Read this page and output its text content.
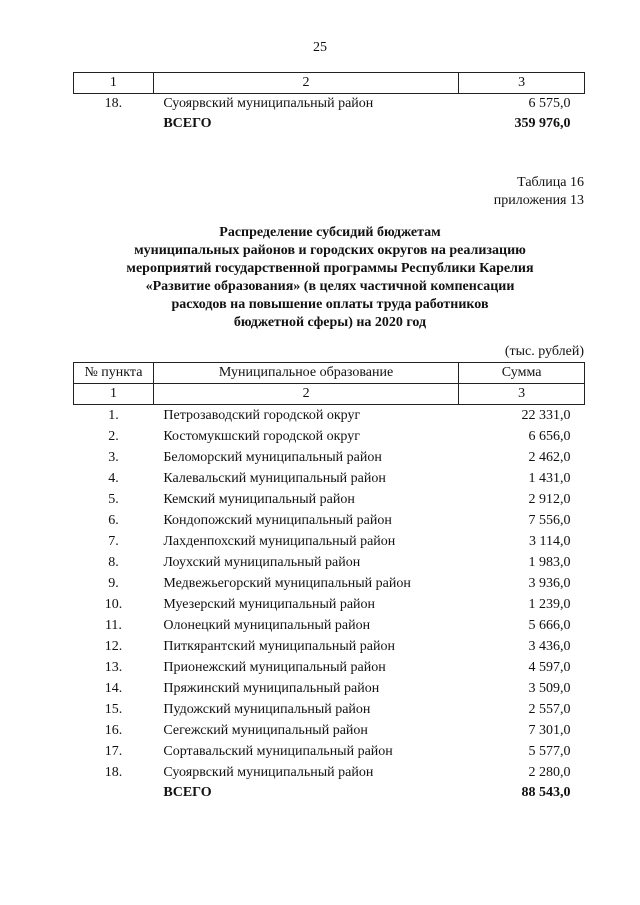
25
1	2	3
18.	Суоярвский муниципальный район	6 575,0
	ВСЕГО	359 976,0
Таблица 16
приложения 13
Распределение субсидий бюджетам
муниципальных районов и городских округов на реализацию
мероприятий государственной программы Республики Карелия
«Развитие образования» (в целях частичной компенсации
расходов на повышение оплаты труда работников
бюджетной сферы) на 2020 год
(тыс. рублей)
№ пункта	Муниципальное образование	Сумма
1	2	3
1.	Петрозаводский городской округ	22 331,0
2.	Костомукшский городской округ	6 656,0
3.	Беломорский муниципальный район	2 462,0
4.	Калевальский муниципальный район	1 431,0
5.	Кемский муниципальный район	2 912,0
6.	Кондопожский муниципальный район	7 556,0
7.	Лахденпохский муниципальный район	3 114,0
8.	Лоухский муниципальный район	1 983,0
9.	Медвежьегорский муниципальный район	3 936,0
10.	Муезерский муниципальный район	1 239,0
11.	Олонецкий муниципальный район	5 666,0
12.	Питкярантский муниципальный район	3 436,0
13.	Прионежский муниципальный район	4 597,0
14.	Пряжинский муниципальный район	3 509,0
15.	Пудожский муниципальный район	2 557,0
16.	Сегежский муниципальный район	7 301,0
17.	Сортавальский муниципальный район	5 577,0
18.	Суоярвский муниципальный район	2 280,0
	ВСЕГО	88 543,0
